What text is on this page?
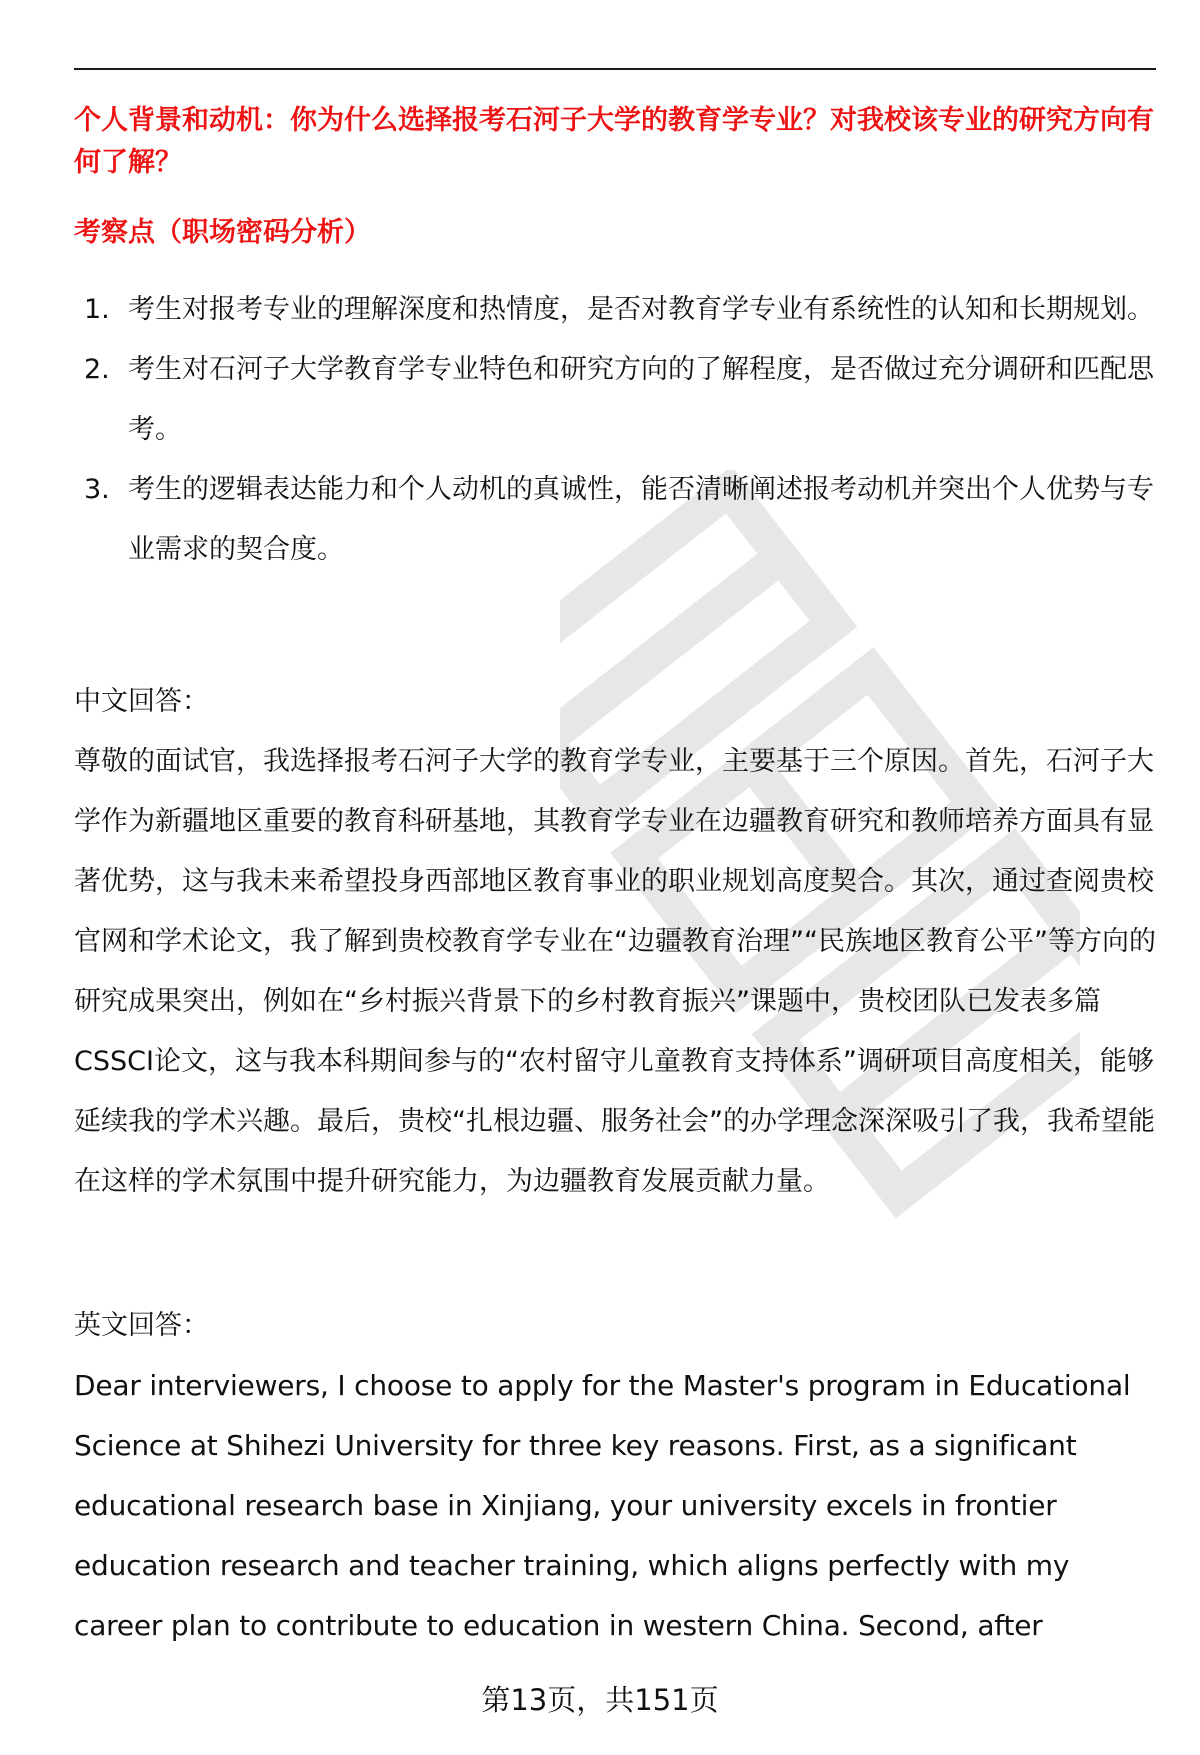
个人背景和动机：你为什么选择报考石河子大学的教育学专业？对我校该专业的研究方向有何了解？
考察点（职场密码分析）
1. 考生对报考专业的理解深度和热情度，是否对教育学专业有系统性的认知和长期规划。
2. 考生对石河子大学教育学专业特色和研究方向的了解程度，是否做过充分调研和匹配思考。
3. 考生的逻辑表达能力和个人动机的真诚性，能否清晰阐述报考动机并突出个人优势与专业需求的契合度。

中文回答：

尊敬的面试官，我选择报考石河子大学的教育学专业，主要基于三个原因。首先，石河子大学作为新疆地区重要的教育科研基地，其教育学专业在边疆教育研究和教师培养方面具有显著优势，这与我未来希望投身西部地区教育事业的职业规划高度契合。其次，通过查阅贵校官网和学术论文，我了解到贵校教育学专业在“边疆教育治理”“民族地区教育公平”等方向的研究成果突出，例如在“乡村振兴背景下的乡村教育振兴”课题中，贵校团队已发表多篇CSSCI论文，这与我本科期间参与的“农村留守儿童教育支持体系”调研项目高度相关，能够延续我的学术兴趣。最后，贵校“扎根边疆、服务社会”的办学理念深深吸引了我，我希望能在这样的学术氛围中提升研究能力，为边疆教育发展贡献力量。

英文回答：

Dear interviewers, I choose to apply for the Master's program in Educational Science at Shihezi University for three key reasons. First, as a significant educational research base in Xinjiang, your university excels in frontier education research and teacher training, which aligns perfectly with my career plan to contribute to education in western China. Second, after

第13页，共151页
